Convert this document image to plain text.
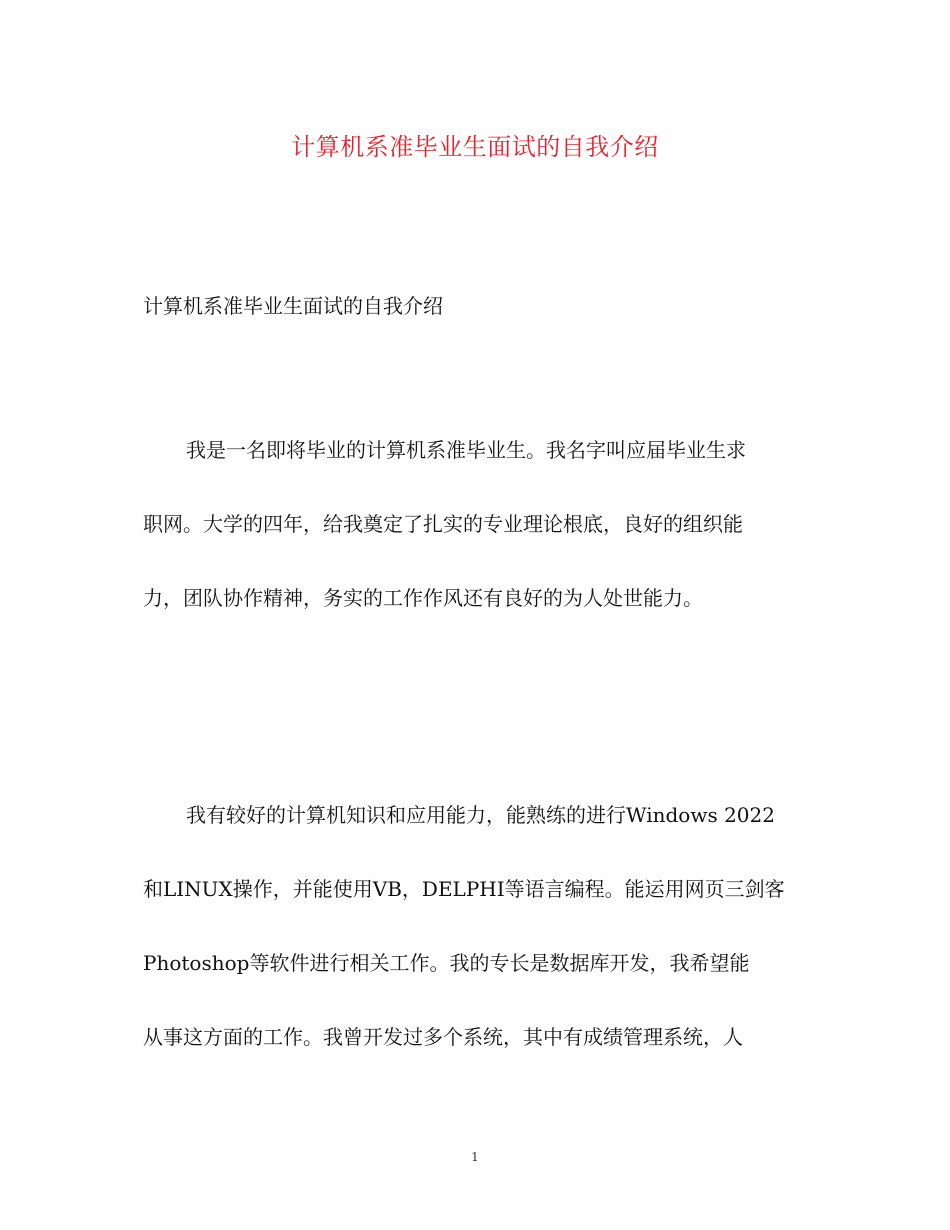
计算机系准毕业生面试的自我介绍
计算机系准毕业生面试的自我介绍

我是一名即将毕业的计算机系准毕业生。我名字叫应届毕业生求
职网。大学的四年，给我奠定了扎实的专业理论根底，良好的组织能
力，团队协作精神，务实的工作作风还有良好的为人处世能力。

我有较好的计算机知识和应用能力，能熟练的进行Windows 2022
和LINUX操作，并能使用VB，DELPHI等语言编程。能运用网页三剑客
Photoshop等软件进行相关工作。我的专长是数据库开发，我希望能
从事这方面的工作。我曾开发过多个系统，其中有成绩管理系统，人

1
